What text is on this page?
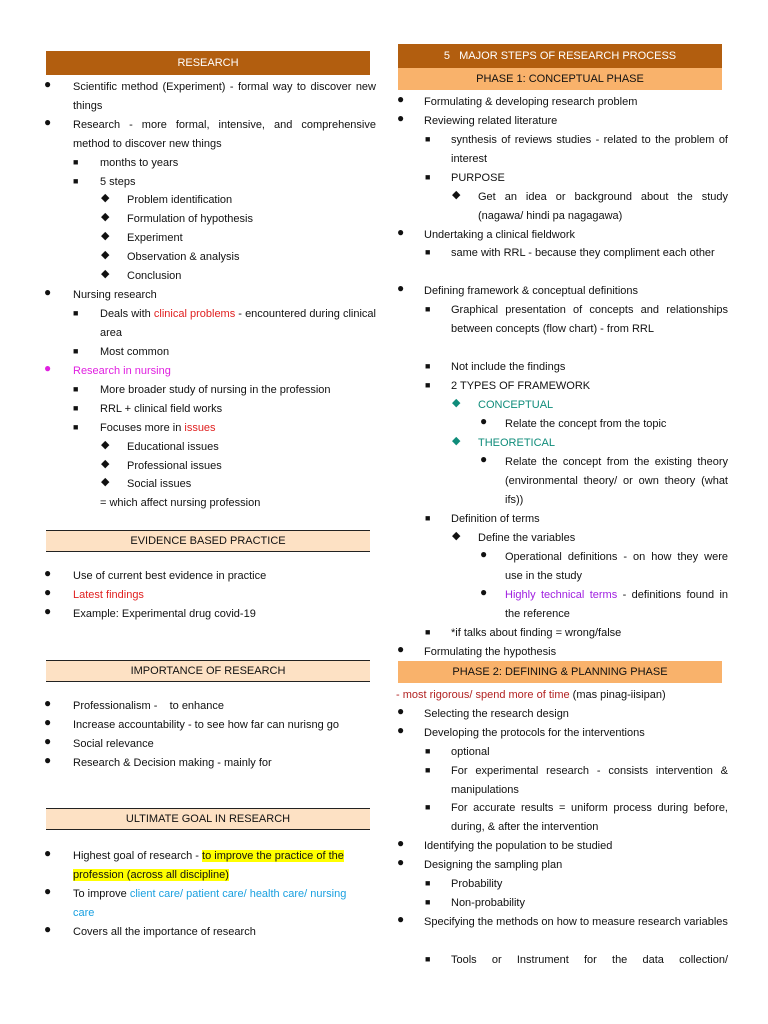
RESEARCH
● Scientific method (Experiment) - formal way to discover new things
● Research - more formal, intensive, and comprehensive method to discover new things
■ months to years
■ 5 steps
◆ Problem identification
◆ Formulation of hypothesis
◆ Experiment
◆ Observation & analysis
◆ Conclusion
● Nursing research
■ Deals with clinical problems - encountered during clinical area
■ Most common
● Research in nursing
■ More broader study of nursing in the profession
■ RRL + clinical field works
■ Focuses more in issues
◆ Educational issues
◆ Professional issues
◆ Social issues
= which affect nursing profession
EVIDENCE BASED PRACTICE
● Use of current best evidence in practice
● Latest findings
● Example: Experimental drug covid-19
IMPORTANCE OF RESEARCH
● Professionalism -    to enhance
● Increase accountability - to see how far can nurisng go
● Social relevance
● Research & Decision making - mainly for
ULTIMATE GOAL IN RESEARCH
● Highest goal of research - to improve the practice of the
profession (across all discipline)
● To improve client care/ patient care/ health care/ nursing
care
● Covers all the importance of research
5   MAJOR STEPS OF RESEARCH PROCESS
PHASE 1: CONCEPTUAL PHASE
● Formulating & developing research problem
● Reviewing related literature
■ synthesis of reviews studies - related to the problem of interest
■ PURPOSE
◆ Get an idea or background about the study (nagawa/ hindi pa nagagawa)
● Undertaking a clinical fieldwork
■ same with RRL - because they compliment each other
● Defining framework & conceptual definitions
■ Graphical presentation of concepts and relationships between concepts (flow chart) - from RRL
■ Not include the findings
■ 2 TYPES OF FRAMEWORK
◆ CONCEPTUAL
● Relate the concept from the topic
◆ THEORETICAL
● Relate the concept from the existing theory (environmental theory/ or own theory (what ifs))
■ Definition of terms
◆ Define the variables
● Operational definitions - on how they were use in the study
● Highly technical terms - definitions found in the reference
■ *if talks about finding = wrong/false
● Formulating the hypothesis
PHASE 2: DEFINING & PLANNING PHASE
- most rigorous/ spend more of time (mas pinag-iisipan)
● Selecting the research design
● Developing the protocols for the interventions
■ optional
■ For experimental research - consists intervention & manipulations
■ For accurate results = uniform process during before, during, & after the intervention
● Identifying the population to be studied
● Designing the sampling plan
■ Probability
■ Non-probability
● Specifying the methods on how to measure research variables
■ Tools or Instrument for the data collection/
